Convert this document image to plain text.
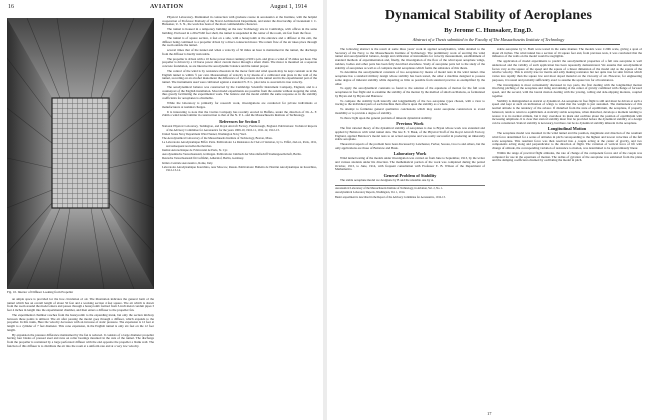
16	AVIATION	August 1, 1914
Fig. 10. Interior of Diffuser Looking from Propeller

an ample space is provided for the free circulation of air. The illustration indicates the general form of the tunnel which has an overall length of about 50 feet and a working section 4 feet square. The air which is drawn from the room around the model enters and passes through a honeycomb formed from 3-inch metal conduit pipes 3 feet 4 inches in length into the experimental chamber, and then enters a diffuser to the propeller fan.

The experimental chamber reaches from the honeycomb to the expanding trunk, but only the section midway between these points is utilized. The air after passing the model goes through a diffuser, which expands to the propeller. In this trunk, Here the velocity decreases with an increase of static pressure. The expansion is 12 feet at length to a cylinder of 7 feet diameter. This cone expansion, in the English tunnel is only six feet on the 12 foot length.

By expansion the pressure difference maintained by the fan is reduced. It consists of a large diameter propeller having four blades of pressed steel and runs on roller bearings mounted in the axis of the tunnel. The discharge from the propeller is restrained by a large perforated diffuser with the end opposite the propeller a blank wall. The function of this diffuser is to distribute the air into the room at a uniform rate and at a very low velocity.

Physical Laboratory. Maintained in connection with graduate course in aeronautics at the Institute, with the helpful cooperation of Professor Peabody of the Naval Architectural Department, and under the directorship of Lieutenant J. C. Hunsaker, U. S. N., the work has been of the most commendable character.

The tunnel is housed in a temporary building on the new Technology site in Cambridge, with offices in the same building. Enclosed in a 20x27x60 foot shell, the tunnel is suspended in the center of the room, six feet from the floor.

The tunnel is of square section, 4 feet on a side, with a honeycomb at the entrance and a diffuser at the exit, the diffuser being continued to a propeller driven by a direct-connected motor. The return flow of the air takes place through the room outside the tunnel.

several times that of the tunnel and when a velocity of 30 miles an hour is maintained in the tunnel, the discharge from the diffuser is hardly noticeable.

The propeller is driven with a 10 horse power motor running at 900 r.p.m. and gives a wind of 35 miles per hour. The propeller is driven by a 10 horse power direct current motor through a silent chain. The motor is mounted on a separate concrete foundation, as are likewise the aerodynamic balance and the tunnel proper.

The control of the wind is by resistance rheostats in the motor field and wind speeds may be kept constant as in the English tunnel to within ½ per cent. Measurement of velocity is by means of a calibrated side plate in the wall of the tunnel, recording on an alcohol manometer the difference of the pressure in the tunnel and in the experimental part of the tunnel. The instruments used were calibrated against a standard N. P. L. pitot tube to ascertain its true velocity.

The aerodynamical balance was constructed by the Cambridge Scientific Instrument Company, England, and is a counterpart of the English installation. Most model experiments are possible from the outside without stopping the wind, thus greatly facilitating the experimental work. The balance and the model exhibit the same response as in the stability coefficients for aeroplanes is obtainable.

While the laboratory is primarily for research work, investigations are conducted for private individuals or manufacturers at nominal charges.

It is interesting to note that the Curtiss Company has recently erected in Buffalo, under the direction of Dr. A. F. Zahm a wind tunnel similar in construction to that of the N. P. L. and the Massachusetts Institute of Technology.

References for Section I
National Physical Laboratory, Teddington, and Royal Aircraft Factory, Farnborough, England. Publications: Technical Reports of the Advisory Committee for Aeronautics for the years 1909-10, 1910-11, 1911-12, 1912-13.
United States Navy Department Wind Tunnel, Washington Navy Yard.
The Aerodynamical Laboratory of the Massachusetts Institute of Technology, Boston, Mass.
Le Laboratoire Aérodynamique Eiffel. Paris. Publications: La Résistance de l'Air et l'Aviation, by G. Eiffel, 2nd ed., Paris, 1911, and subsequent nouvelles Recherches.
Institut Aérotechnique de l'Université de Paris, St. Cyr.
Aerodynamische Versuchsanstalt, Göttingen. Publications: Jahrbuch der Motorluftschiff Studiengesellschaft, Berlin.
Deutsche Versuchsanstalt für Luftfahrt, Adlershof, Berlin, Germany.
Istituto Centrale Aeronautico, Rome, Italy.
Laboratoire Aérodynamique Koutchino, near Moscow, Russia. Publications: Bulletin de l'Institut Aérodynamique de Koutchino, 1912-13-14.
Dynamical Stability of Aeroplanes
By Jerome C. Hunsaker, Eng.D.
Abstract of a Thesis submitted to the Faculty of The Massachusetts Institute of Technology

The following abstract is the result of some three years' work in applied aerodynamics, while detailed to the Secretary of the Navy, to the Massachusetts Institute of Technology. The preliminary work of erecting the wind tunnel and aerodynamical balance, design and calibration of instruments for velocity measurement, establishment of standard methods of experimentation and, finally, the investigation of the flow of the wind upon aeroplane wings, rudders, bodies and other parts has been fully described elsewhere. Study of aeroplane parts led to the study of the stability of aeroplanes as well as of complete model aeroplanes which forms the substance of this thesis.

To determine the aerodynamical constants of two aeroplanes by means of model tests in the wind tunnel. One aeroplane has a standard military design whose stability has been tested, the other a machine designed to possess some degree of inherent stability while departing as little as possible from standard practice as exemplified by the other.

To apply the aerodynamical constants so found to the solution of the equations of motion for the full scale aeroplanes in free flight and to examine the stability of the motion by the method of small oscillations, as formulated by Bryan and by Bryan and Bairstow.

To compare the stability both laterally and longitudinally of the two aeroplane types chosen, with a view to tracing to the individual parts of each machine their effects upon the stability as a whole.

To attempt to formulate general qualitative conclusions which may assist aeroplane constructors to avoid instability or to provide a degree of stability.

To throw light upon the general problem of inherent dynamical stability.

Previous Work

The first rational theory of the dynamical stability of aeroplanes is due to Bryan whose work was extended and applied by Bairstow with wind tunnel data. The late E. T. Busk, of the Physical Staff of the Royal Aircraft Factory, England, applied Bairstow's model tests to an actual aeroplane and was really successful in producing an inherently stable aeroplane.

Theoretical aspects of the problem have been discussed by Lanchester, Ferber, Soreau, Crocco and others, but the only applications are those of Bairstow and Busk.

Laboratory Work

Wind tunnel testing of the models under investigation was carried on from June to September, 1913, by the writer and various students under his direction. The mathematical portion of the work was completed during the period October, 1913, to June, 1914, with frequent consultation with Professor E. B. Wilson of the Department of Mathematics.

General Problem of Stability

The stable aeroplane model we designate by B and the unstable one by A.

Aeronautical Laboratory of the Massachusetts Institute of Technology, in Aviation, Vol. 2, No. 1.

Aerodynamical Laboratory Reports, Washington, Vol. 1, 1914.

Busk's experiment is described in the Report of the Advisory Committee for Aeronautics, 1912-13.

stable aeroplane by U. Both were tested in the same manner. The models were 1:20th scale, giving a span of about 24 inches. The wind tunnel has a section of 16 square feet and, from previous tests, it was concluded that the influence of the walls on the model would be negligible.

The application of model experiments to predict the aerodynamical properties of a full size aeroplane is well understood and the validity of such application has been repeatedly demonstrated. We assume that aerodynamical forces vary as the square of the speed and the square of a linear dimension of the model and as the square of the relative velocity. This is strictly true for inertia and eddy making resistance but not quite true for skin friction which varies less rapidly than the square law and most doped material on the viscosity of air. However, for engineering purposes, it is usual and probably sufficiently exact to assume the square law for all resistances.

The investigation is most conveniently discussed in two parts, the first dealing with the longitudinal motion involving pitching of the aeroplane and rising and sinking of the center of gravity combined with change of forward speed, and the second, with the lateral motion dealing with the yawing, rolling and side-slipping motions, coupled together.

Stability is distinguished as statical or dynamical. An aeroplane in free flight is still and must be driven at such a speed and kept at such an inclination of wings to wind that the weight is just sustained. The maintenance of this normal attitude is the tendency of the aviator. If disturbed from the state of equilibrium, the aeroplane, if properly balanced, tends to return to equilibrium. A statically stable aeroplane, when disturbed, develops a moment tending to restore it to its normal attitude, but it may overshoot its mark and oscillate about the position of equilibrium with increasing amplitude. It is clear that statical stability must first be provided before the dynamical stability of a design can be considered. Statical stability is necessary, but there can be no dynamical stability inherent in the aeroplane.

Longitudinal Motion

The aeroplane model was mounted in the wind tunnel and the position, magnitude and direction of the resultant wind force determined for a series of attitudes in pitch corresponding to the highest and lowest velocities of the full scale aeroplane. This resultant force was then resolved into a couple acting at the center of gravity, and two components acting along and perpendicular to the direction of flight. The variation of vertical force of lift with change of attitude, the corresponding variation of resistance to motion, was determined to be approximately linear.

Within the range of practical flight attitudes, the rate of change of the component forces and of the couple was computed for use in the equations of motion. The radius of gyration of the aeroplane was estimated from the plans and the damping coefficient obtained by oscillating the model in pitch.

17
